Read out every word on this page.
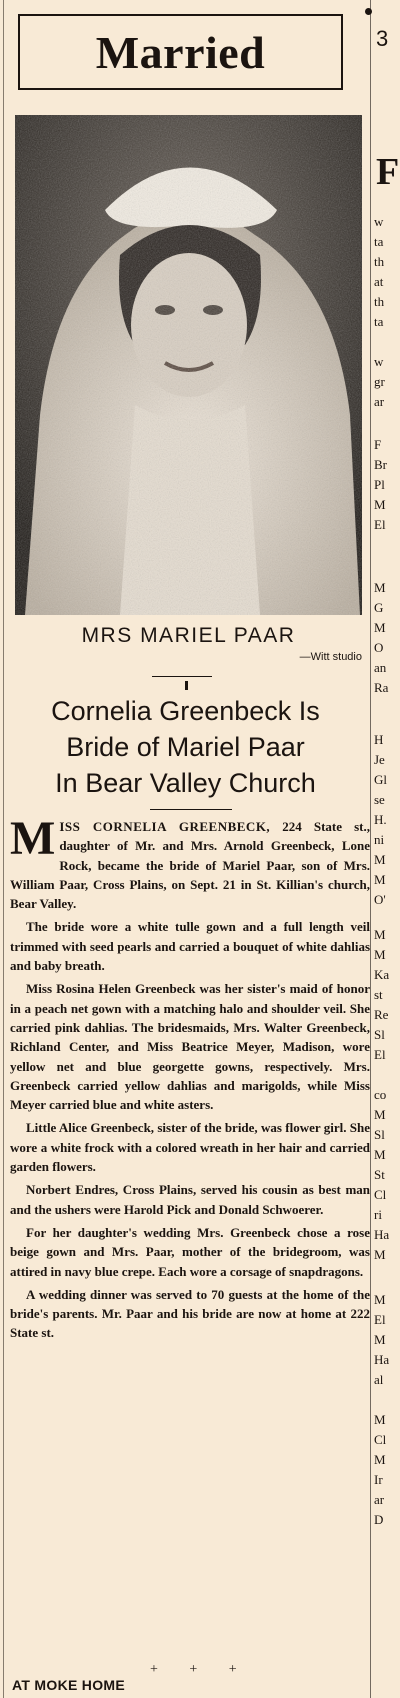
Married
MRS MARIEL PAAR
—Witt studio
Cornelia Greenbeck Is
Bride of Mariel Paar
In Bear Valley Church

MISS CORNELIA GREENBECK, 224 State st., daughter of Mr. and Mrs. Arnold Greenbeck, Lone Rock, became the bride of Mariel Paar, son of Mrs. William Paar, Cross Plains, on Sept. 21 in St. Killian's church, Bear Valley.

The bride wore a white tulle gown and a full length veil trimmed with seed pearls and carried a bouquet of white dahlias and baby breath.

Miss Rosina Helen Greenbeck was her sister's maid of honor in a peach net gown with a matching halo and shoulder veil. She carried pink dahlias. The bridesmaids, Mrs. Walter Greenbeck, Richland Center, and Miss Beatrice Meyer, Madison, wore yellow net and blue georgette gowns, respectively. Mrs. Greenbeck carried yellow dahlias and marigolds, while Miss Meyer carried blue and white asters.

Little Alice Greenbeck, sister of the bride, was flower girl. She wore a white frock with a colored wreath in her hair and carried garden flowers.

Norbert Endres, Cross Plains, served his cousin as best man and the ushers were Harold Pick and Donald Schwoerer.

For her daughter's wedding Mrs. Greenbeck chose a rose beige gown and Mrs. Paar, mother of the bridegroom, was attired in navy blue crepe. Each wore a corsage of snapdragons.

A wedding dinner was served to 70 guests at the home of the bride's parents. Mr. Paar and his bride are now at home at 222 State st.

+ + +
AT MOKE HOME
3
F
w
ta
th
at
th
ta
w
gr
ar
F
Br
Pl
M
El
M
G
M
O
an
Ra
H
Je
Gl
se
H.
ni
M
M
O'
M
M
Ka
st
Re
Sl
El
co
M
Sl
M
St
Cl
ri
Ha
M
M
El
M
Ha
al
M
Cl
M
Ir
ar
D
